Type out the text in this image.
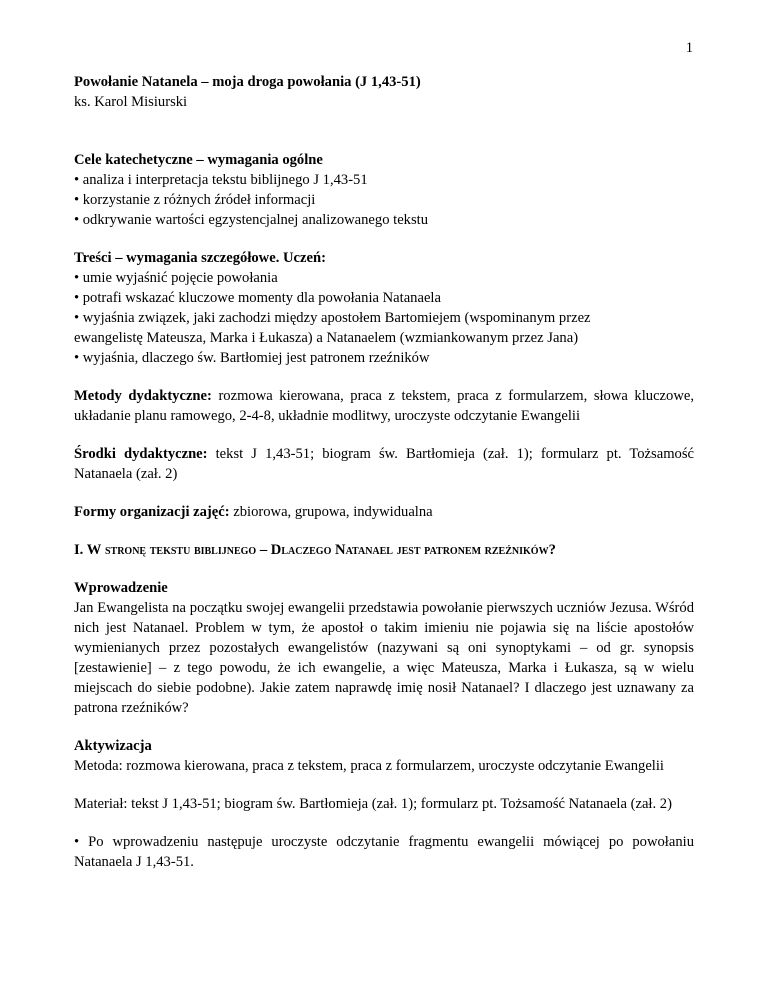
1

Powołanie Natanela – moja droga powołania (J 1,43-51)

ks. Karol Misiurski

Cele katechetyczne – wymagania ogólne

• analiza i interpretacja tekstu biblijnego J 1,43-51

• korzystanie z różnych źródeł informacji

• odkrywanie wartości egzystencjalnej analizowanego tekstu

Treści – wymagania szczegółowe. Uczeń:

• umie wyjaśnić pojęcie powołania

• potrafi wskazać kluczowe momenty dla powołania Natanaela

• wyjaśnia związek, jaki zachodzi między apostołem Bartomiejem (wspominanym przez

ewangelistę Mateusza, Marka i Łukasza) a Natanaelem (wzmiankowanym przez Jana)

• wyjaśnia, dlaczego św. Bartłomiej jest patronem rzeźników

Metody dydaktyczne: rozmowa kierowana, praca z tekstem, praca z formularzem, słowa kluczowe, układanie planu ramowego, 2-4-8, układnie modlitwy, uroczyste odczytanie Ewangelii

Środki dydaktyczne: tekst J 1,43-51; biogram św. Bartłomieja (zał. 1); formularz pt. Tożsamość Natanaela (zał. 2)

Formy organizacji zajęć: zbiorowa, grupowa, indywidualna

I. W stronę tekstu biblijnego – Dlaczego Natanael jest patronem rzeźników?

Wprowadzenie

Jan Ewangelista na początku swojej ewangelii przedstawia powołanie pierwszych uczniów Jezusa. Wśród nich jest Natanael. Problem w tym, że apostoł o takim imieniu nie pojawia się na liście apostołów wymienianych przez pozostałych ewangelistów (nazywani są oni synoptykami – od gr. synopsis [zestawienie] – z tego powodu, że ich ewangelie, a więc Mateusza, Marka i Łukasza, są w wielu miejscach do siebie podobne). Jakie zatem naprawdę imię nosił Natanael? I dlaczego jest uznawany za patrona rzeźników?

Aktywizacja

Metoda: rozmowa kierowana, praca z tekstem, praca z formularzem, uroczyste odczytanie Ewangelii

Materiał: tekst J 1,43-51; biogram św. Bartłomieja (zał. 1); formularz pt. Tożsamość Natanaela (zał. 2)

• Po wprowadzeniu następuje uroczyste odczytanie fragmentu ewangelii mówiącej po powołaniu Natanaela J 1,43-51.
